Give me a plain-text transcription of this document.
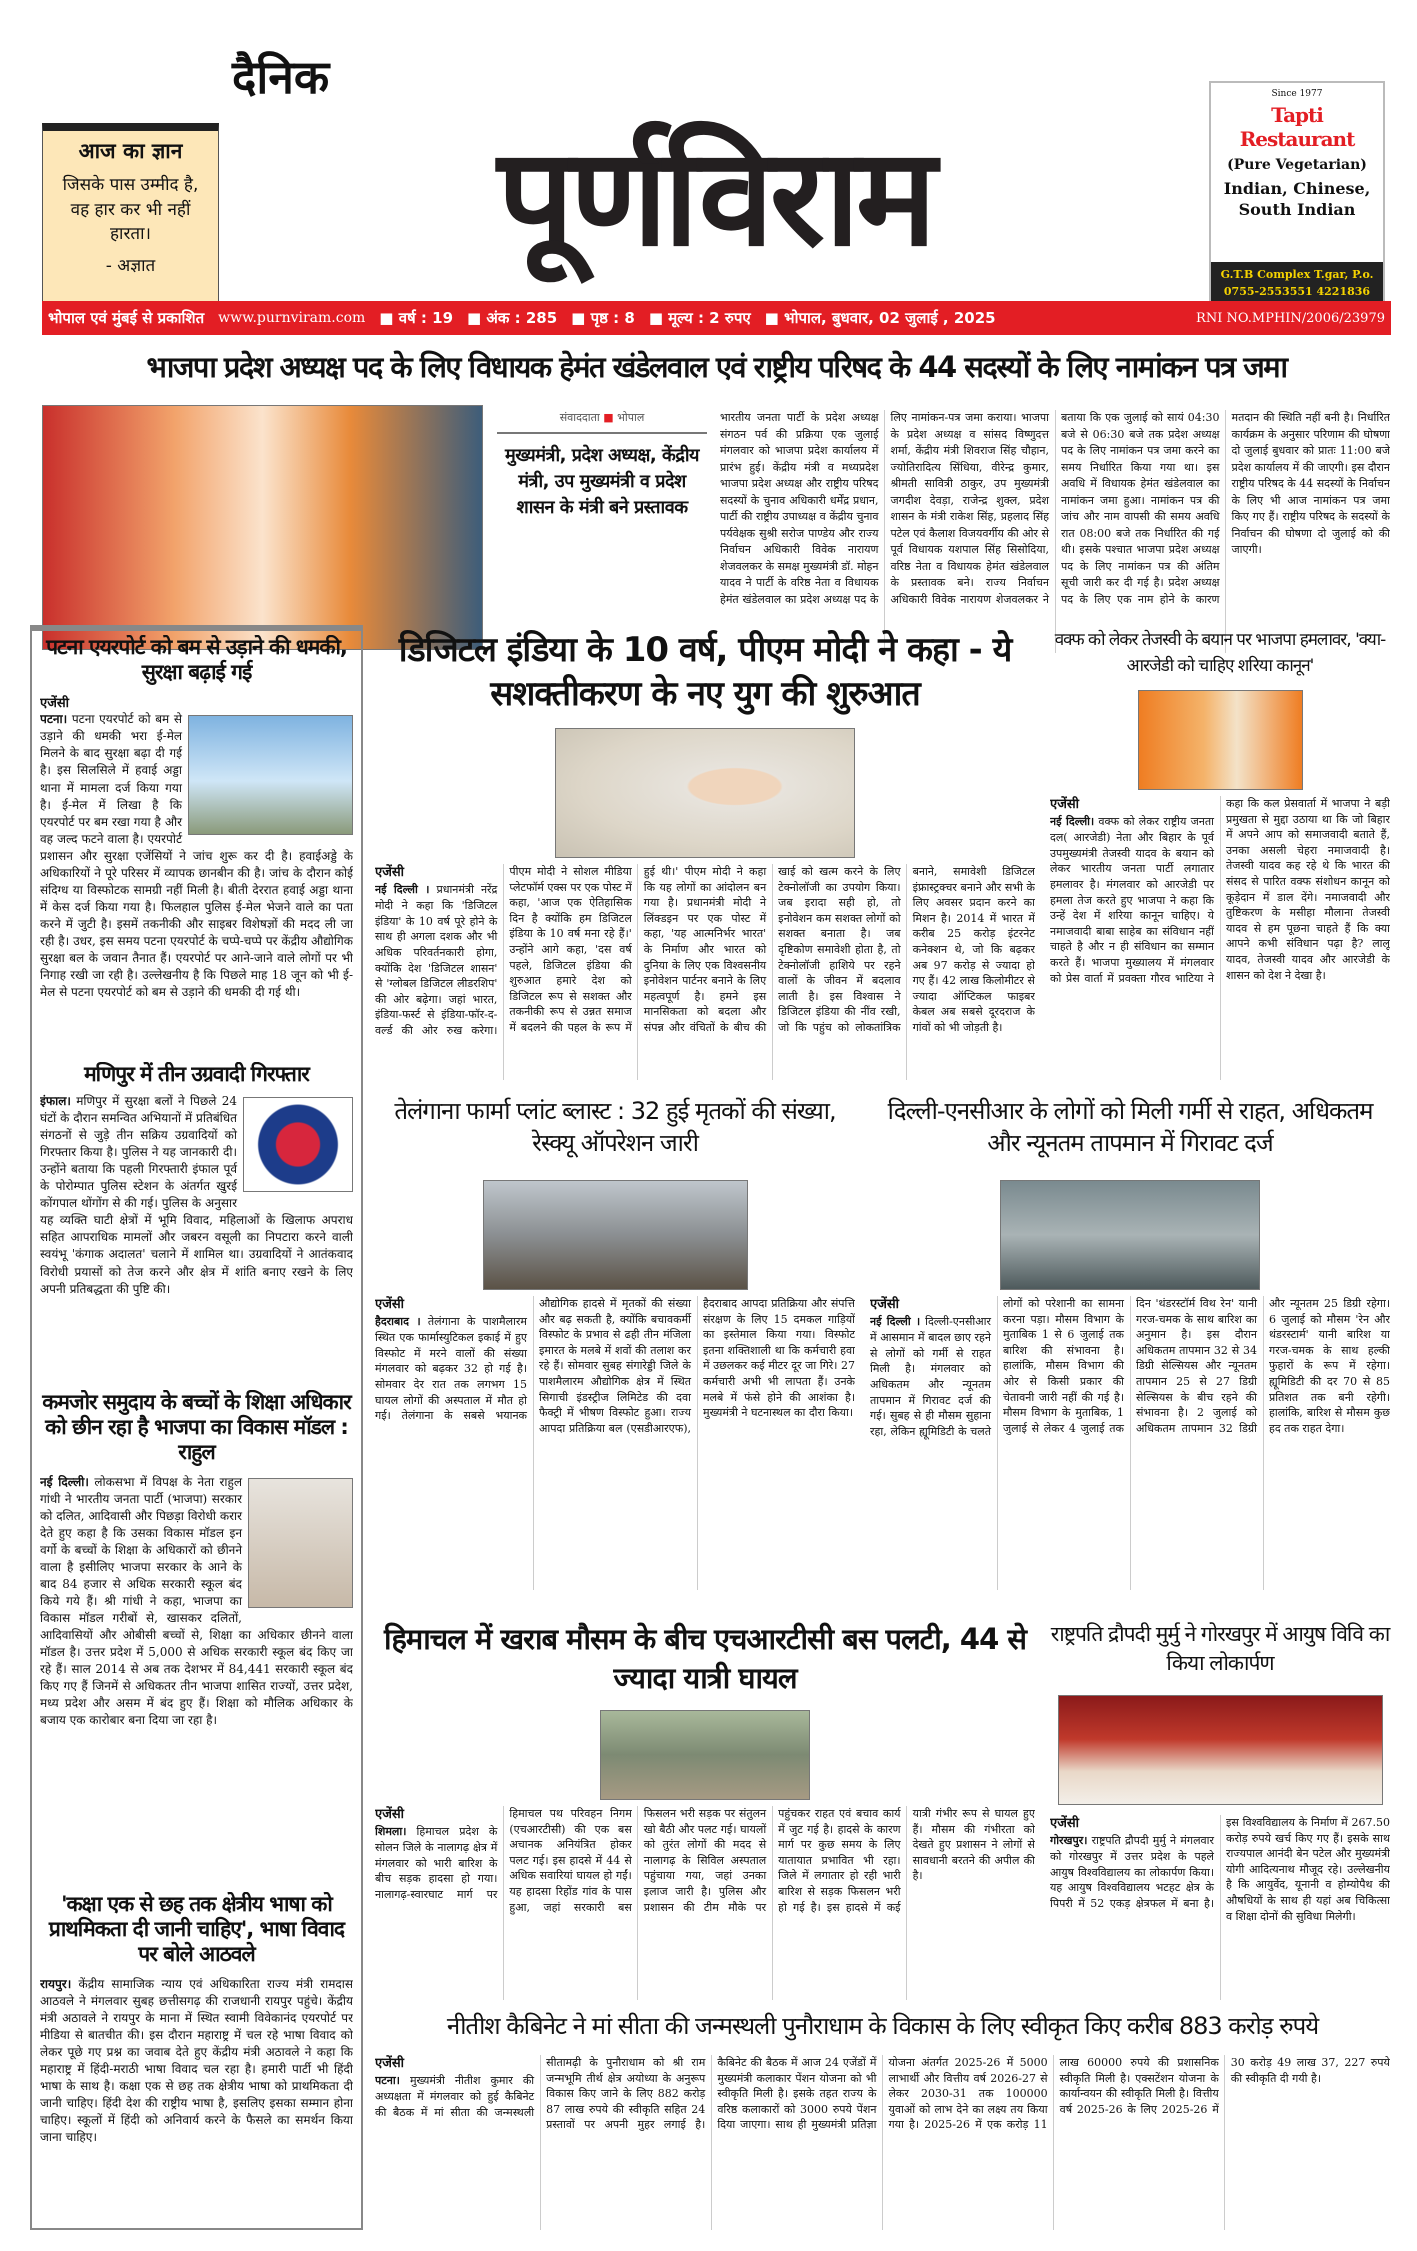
दैनिक
पूर्णविराम
आज का ज्ञान
जिसके पास उम्मीद है, वह हार कर भी नहीं हारता।
- अज्ञात
Since 1977
Tapti Restaurant
(Pure Vegetarian)
Indian, Chinese, South Indian
G.T.B Complex T.gar, P.o.
0755-2553551 4221836
भोपाल एवं मुंबई से प्रकाशित www.purnviram.com ■ वर्ष : 19 ■ अंक : 285 ■ पृष्ठ : 8 ■ मूल्य : 2 रुपए ■ भोपाल, बुधवार, 02 जुलाई , 2025	RNI NO.MPHIN/2006/23979
भाजपा प्रदेश अध्यक्ष पद के लिए विधायक हेमंत खंडेलवाल एवं राष्ट्रीय परिषद के 44 सदस्यों के लिए नामांकन पत्र जमा
संवाददाता ■ भोपाल
मुख्यमंत्री, प्रदेश अध्यक्ष, केंद्रीय मंत्री, उप मुख्यमंत्री व प्रदेश शासन के मंत्री बने प्रस्तावक
भारतीय जनता पार्टी के प्रदेश अध्यक्ष संगठन पर्व की प्रक्रिया एक जुलाई मंगलवार को भाजपा प्रदेश कार्यालय में प्रारंभ हुई। केंद्रीय मंत्री व मध्यप्रदेश भाजपा प्रदेश अध्यक्ष और राष्ट्रीय परिषद सदस्यों के चुनाव अधिकारी धर्मेंद्र प्रधान, पार्टी की राष्ट्रीय उपाध्यक्ष व केंद्रीय चुनाव पर्यवेक्षक सुश्री सरोज पाण्डेय और राज्य निर्वाचन अधिकारी विवेक नारायण शेजवलकर के समक्ष मुख्यमंत्री डॉ. मोहन यादव ने पार्टी के वरिष्ठ नेता व विधायक हेमंत खंडेलवाल का प्रदेश अध्यक्ष पद के लिए नामांकन-पत्र जमा कराया। भाजपा के प्रदेश अध्यक्ष व सांसद विष्णुदत्त शर्मा, केंद्रीय मंत्री शिवराज सिंह चौहान, ज्योतिरादित्य सिंधिया, वीरेन्द्र कुमार, श्रीमती सावित्री ठाकुर, उप मुख्यमंत्री जगदीश देवड़ा, राजेन्द्र शुक्ल, प्रदेश शासन के मंत्री राकेश सिंह, प्रहलाद सिंह पटेल एवं कैलाश विजयवर्गीय की ओर से पूर्व विधायक यशपाल सिंह सिसोदिया, वरिष्ठ नेता व विधायक हेमंत खंडेलवाल के प्रस्तावक बने। राज्य निर्वाचन अधिकारी विवेक नारायण शेजवलकर ने बताया कि एक जुलाई को सायं 04:30 बजे से 06:30 बजे तक प्रदेश अध्यक्ष पद के लिए नामांकन पत्र जमा करने का समय निर्धारित किया गया था। इस अवधि में विधायक हेमंत खंडेलवाल का नामांकन जमा हुआ। नामांकन पत्र की जांच और नाम वापसी की समय अवधि रात 08:00 बजे तक निर्धारित की गई थी। इसके पश्चात भाजपा प्रदेश अध्यक्ष पद के लिए नामांकन पत्र की अंतिम सूची जारी कर दी गई है। प्रदेश अध्यक्ष पद के लिए एक नाम होने के कारण मतदान की स्थिति नहीं बनी है। निर्धारित कार्यक्रम के अनुसार परिणाम की घोषणा दो जुलाई बुधवार को प्रातः 11:00 बजे प्रदेश कार्यालय में की जाएगी। इस दौरान राष्ट्रीय परिषद के 44 सदस्यों के निर्वाचन के लिए भी आज नामांकन पत्र जमा किए गए हैं। राष्ट्रीय परिषद के सदस्यों के निर्वाचन की घोषणा दो जुलाई को की जाएगी।
पटना एयरपोर्ट को बम से उड़ाने की धमकी, सुरक्षा बढ़ाई गई
एजेंसी
पटना। पटना एयरपोर्ट को बम से उड़ाने की धमकी भरा ई-मेल मिलने के बाद सुरक्षा बढ़ा दी गई है। इस सिलसिले में हवाई अड्डा थाना में मामला दर्ज किया गया है। ई-मेल में लिखा है कि एयरपोर्ट पर बम रखा गया है और वह जल्द फटने वाला है। एयरपोर्ट प्रशासन और सुरक्षा एजेंसियों ने जांच शुरू कर दी है। हवाईअड्डे के अधिकारियों ने पूरे परिसर में व्यापक छानबीन की है। जांच के दौरान कोई संदिग्ध या विस्फोटक सामग्री नहीं मिली है। बीती देररात हवाई अड्डा थाना में केस दर्ज किया गया है। फिलहाल पुलिस ई-मेल भेजने वाले का पता करने में जुटी है। इसमें तकनीकी और साइबर विशेषज्ञों की मदद ली जा रही है। उधर, इस समय पटना एयरपोर्ट के चप्पे-चप्पे पर केंद्रीय औद्योगिक सुरक्षा बल के जवान तैनात हैं। एयरपोर्ट पर आने-जाने वाले लोगों पर भी निगाह रखी जा रही है। उल्लेखनीय है कि पिछले माह 18 जून को भी ई-मेल से पटना एयरपोर्ट को बम से उड़ाने की धमकी दी गई थी।
मणिपुर में तीन उग्रवादी गिरफ्तार
इंफाल। मणिपुर में सुरक्षा बलों ने पिछले 24 घंटों के दौरान समन्वित अभियानों में प्रतिबंधित संगठनों से जुड़े तीन सक्रिय उग्रवादियों को गिरफ्तार किया है। पुलिस ने यह जानकारी दी। उन्होंने बताया कि पहली गिरफ्तारी इंफाल पूर्व के पोरोम्पात पुलिस स्टेशन के अंतर्गत खुरई कोंगपाल थोंगोंग से की गई। पुलिस के अनुसार यह व्यक्ति घाटी क्षेत्रों में भूमि विवाद, महिलाओं के खिलाफ अपराध सहित आपराधिक मामलों और जबरन वसूली का निपटारा करने वाली स्वयंभू 'कंगाक अदालत' चलाने में शामिल था। उग्रवादियों ने आतंकवाद विरोधी प्रयासों को तेज करने और क्षेत्र में शांति बनाए रखने के लिए अपनी प्रतिबद्धता की पुष्टि की।
कमजोर समुदाय के बच्चों के शिक्षा अधिकार को छीन रहा है भाजपा का विकास मॉडल : राहुल
नई दिल्ली। लोकसभा में विपक्ष के नेता राहुल गांधी ने भारतीय जनता पार्टी (भाजपा) सरकार को दलित, आदिवासी और पिछड़ा विरोधी करार देते हुए कहा है कि उसका विकास मॉडल इन वर्गो के बच्चों के शिक्षा के अधिकारों को छीनने वाला है इसीलिए भाजपा सरकार के आने के बाद 84 हजार से अधिक सरकारी स्कूल बंद किये गये हैं। श्री गांधी ने कहा, भाजपा का विकास मॉडल गरीबों से, खासकर दलितों, आदिवासियों और ओबीसी बच्चों से, शिक्षा का अधिकार छीनने वाला मॉडल है। उत्तर प्रदेश में 5,000 से अधिक सरकारी स्कूल बंद किए जा रहे हैं। साल 2014 से अब तक देशभर में 84,441 सरकारी स्कूल बंद किए गए हैं जिनमें से अधिकतर तीन भाजपा शासित राज्यों, उत्तर प्रदेश, मध्य प्रदेश और असम में बंद हुए हैं। शिक्षा को मौलिक अधिकार के बजाय एक कारोबार बना दिया जा रहा है।
'कक्षा एक से छह तक क्षेत्रीय भाषा को प्राथमिकता दी जानी चाहिए', भाषा विवाद पर बोले आठवले
रायपुर। केंद्रीय सामाजिक न्याय एवं अधिकारिता राज्य मंत्री रामदास आठवले ने मंगलवार सुबह छत्तीसगढ़ की राजधानी रायपुर पहुंचे। केंद्रीय मंत्री अठावले ने रायपुर के माना में स्थित स्वामी विवेकानंद एयरपोर्ट पर मीडिया से बातचीत की। इस दौरान महाराष्ट्र में चल रहे भाषा विवाद को लेकर पूछे गए प्रश्न का जवाब देते हुए केंद्रीय मंत्री अठावले ने कहा कि महाराष्ट्र में हिंदी-मराठी भाषा विवाद चल रहा है। हमारी पार्टी भी हिंदी भाषा के साथ है। कक्षा एक से छह तक क्षेत्रीय भाषा को प्राथमिकता दी जानी चाहिए। हिंदी देश की राष्ट्रीय भाषा है, इसलिए इसका सम्मान होना चाहिए। स्कूलों में हिंदी को अनिवार्य करने के फैसले का समर्थन किया जाना चाहिए।
डिजिटल इंडिया के 10 वर्ष, पीएम मोदी ने कहा - ये सशक्तीकरण के नए युग की शुरुआत
एजेंसी
नई दिल्ली । प्रधानमंत्री नरेंद्र मोदी ने कहा कि 'डिजिटल इंडिया' के 10 वर्ष पूरे होने के साथ ही अगला दशक और भी अधिक परिवर्तनकारी होगा, क्योंकि देश 'डिजिटल शासन' से 'ग्लोबल डिजिटल लीडरशिप' की ओर बढ़ेगा। जहां भारत, इंडिया-फर्स्ट से इंडिया-फॉर-द-वर्ल्ड की ओर रुख करेगा। पीएम मोदी ने सोशल मीडिया प्लेटफॉर्म एक्स पर एक पोस्ट में कहा, 'आज एक ऐतिहासिक दिन है क्योंकि हम डिजिटल इंडिया के 10 वर्ष मना रहे हैं।' उन्होंने आगे कहा, 'दस वर्ष पहले, डिजिटल इंडिया की शुरुआत हमारे देश को डिजिटल रूप से सशक्त और तकनीकी रूप से उन्नत समाज में बदलने की पहल के रूप में हुई थी।' पीएम मोदी ने कहा कि यह लोगों का आंदोलन बन गया है। प्रधानमंत्री मोदी ने लिंक्डइन पर एक पोस्ट में कहा, 'यह आत्मनिर्भर भारत' के निर्माण और भारत को दुनिया के लिए एक विश्वसनीय इनोवेशन पार्टनर बनाने के लिए महत्वपूर्ण है। हमने इस मानसिकता को बदला और संपन्न और वंचितों के बीच की खाई को खत्म करने के लिए टेक्नोलॉजी का उपयोग किया। जब इरादा सही हो, तो इनोवेशन कम सशक्त लोगों को सशक्त बनाता है। जब दृष्टिकोण समावेशी होता है, तो टेक्नोलॉजी हाशिये पर रहने वालों के जीवन में बदलाव लाती है। इस विश्वास ने डिजिटल इंडिया की नींव रखी, जो कि पहुंच को लोकतांत्रिक बनाने, समावेशी डिजिटल इंफ्रास्ट्रक्चर बनाने और सभी के लिए अवसर प्रदान करने का मिशन है। 2014 में भारत में करीब 25 करोड़ इंटरनेट कनेक्शन थे, जो कि बढ़कर अब 97 करोड़ से ज्यादा हो गए हैं। 42 लाख किलोमीटर से ज्यादा ऑप्टिकल फाइबर केबल अब सबसे दूरदराज के गांवों को भी जोड़ती है।
वक्फ को लेकर तेजस्वी के बयान पर भाजपा हमलावर, 'क्या- आरजेडी को चाहिए शरिया कानून'
एजेंसी
नई दिल्ली। वक्फ को लेकर राष्ट्रीय जनता दल( आरजेडी) नेता और बिहार के पूर्व उपमुख्यमंत्री तेजस्वी यादव के बयान को लेकर भारतीय जनता पार्टी लगातार हमलावर है। मंगलवार को आरजेडी पर हमला तेज करते हुए भाजपा ने कहा कि उन्हें देश में शरिया कानून चाहिए। ये नमाजवादी बाबा साहेब का संविधान नहीं चाहते है और न ही संविधान का सम्मान करते हैं। भाजपा मुख्यालय में मंगलवार को प्रेस वार्ता में प्रवक्ता गौरव भाटिया ने कहा कि कल प्रेसवार्ता में भाजपा ने बड़ी प्रमुखता से मुद्दा उठाया था कि जो बिहार में अपने आप को समाजवादी बताते हैं, उनका असली चेहरा नमाजवादी है। तेजस्वी यादव कह रहे थे कि भारत की संसद से पारित वक्फ संशोधन कानून को कूड़ेदान में डाल देंगे। नमाजवादी और तुष्टिकरण के मसीहा मौलाना तेजस्वी यादव से हम पूछना चाहते हैं कि क्या आपने कभी संविधान पढ़ा है? लालू यादव, तेजस्वी यादव और आरजेडी के शासन को देश ने देखा है।
तेलंगाना फार्मा प्लांट ब्लास्ट : 32 हुई मृतकों की संख्या, रेस्क्यू ऑपरेशन जारी
एजेंसी
हैदराबाद । तेलंगाना के पाशमैलारम स्थित एक फार्मास्युटिकल इकाई में हुए विस्फोट में मरने वालों की संख्या मंगलवार को बढ़कर 32 हो गई है। सोमवार देर रात तक लगभग 15 घायल लोगों की अस्पताल में मौत हो गई। तेलंगाना के सबसे भयानक औद्योगिक हादसे में मृतकों की संख्या और बढ़ सकती है, क्योंकि बचावकर्मी विस्फोट के प्रभाव से ढही तीन मंजिला इमारत के मलबे में शवों की तलाश कर रहे हैं। सोमवार सुबह संगारेड्डी जिले के पाशमैलारम औद्योगिक क्षेत्र में स्थित सिगाची इंडस्ट्रीज लिमिटेड की दवा फैक्ट्री में भीषण विस्फोट हुआ। राज्य आपदा प्रतिक्रिया बल (एसडीआरएफ), हैदराबाद आपदा प्रतिक्रिया और संपत्ति संरक्षण के लिए 15 दमकल गाड़ियों का इस्तेमाल किया गया। विस्फोट इतना शक्तिशाली था कि कर्मचारी हवा में उछलकर कई मीटर दूर जा गिरे। 27 कर्मचारी अभी भी लापता हैं। उनके मलबे में फंसे होने की आशंका है। मुख्यमंत्री ने घटनास्थल का दौरा किया।
दिल्ली-एनसीआर के लोगों को मिली गर्मी से राहत, अधिकतम और न्यूनतम तापमान में गिरावट दर्ज
एजेंसी
नई दिल्ली । दिल्ली-एनसीआर में आसमान में बादल छाए रहने से लोगों को गर्मी से राहत मिली है। मंगलवार को अधिकतम और न्यूनतम तापमान में गिरावट दर्ज की गई। सुबह से ही मौसम सुहाना रहा, लेकिन ह्यूमिडिटी के चलते लोगों को परेशानी का सामना करना पड़ा। मौसम विभाग के मुताबिक 1 से 6 जुलाई तक बारिश की संभावना है। हालांकि, मौसम विभाग की ओर से किसी प्रकार की चेतावनी जारी नहीं की गई है। मौसम विभाग के मुताबिक, 1 जुलाई से लेकर 4 जुलाई तक दिन 'थंडरस्टॉर्म विथ रेन' यानी गरज-चमक के साथ बारिश का अनुमान है। इस दौरान अधिकतम तापमान 32 से 34 डिग्री सेल्सियस और न्यूनतम तापमान 25 से 27 डिग्री सेल्सियस के बीच रहने की संभावना है। 2 जुलाई को अधिकतम तापमान 32 डिग्री और न्यूनतम 25 डिग्री रहेगा। 6 जुलाई को मौसम 'रेन और थंडरस्टार्म' यानी बारिश या गरज-चमक के साथ हल्की फुहारों के रूप में रहेगा। ह्यूमिडिटी की दर 70 से 85 प्रतिशत तक बनी रहेगी। हालांकि, बारिश से मौसम कुछ हद तक राहत देगा।
हिमाचल में खराब मौसम के बीच एचआरटीसी बस पलटी, 44 से ज्यादा यात्री घायल
एजेंसी
शिमला। हिमाचल प्रदेश के सोलन जिले के नालागढ़ क्षेत्र में मंगलवार को भारी बारिश के बीच सड़क हादसा हो गया। नालागढ़-स्वारघाट मार्ग पर हिमाचल पथ परिवहन निगम (एचआरटीसी) की एक बस अचानक अनियंत्रित होकर पलट गई। इस हादसे में 44 से अधिक सवारियां घायल हो गईं। यह हादसा रिहोंड गांव के पास हुआ, जहां सरकारी बस फिसलन भरी सड़क पर संतुलन खो बैठी और पलट गई। घायलों को तुरंत लोगों की मदद से नालागढ़ के सिविल अस्पताल पहुंचाया गया, जहां उनका इलाज जारी है। पुलिस और प्रशासन की टीम मौके पर पहुंचकर राहत एवं बचाव कार्य में जुट गई है। हादसे के कारण मार्ग पर कुछ समय के लिए यातायात प्रभावित भी रहा। जिले में लगातार हो रही भारी बारिश से सड़क फिसलन भरी हो गई है। इस हादसे में कई यात्री गंभीर रूप से घायल हुए हैं। मौसम की गंभीरता को देखते हुए प्रशासन ने लोगों से सावधानी बरतने की अपील की है।
राष्ट्रपति द्रौपदी मुर्मु ने गोरखपुर में आयुष विवि का किया लोकार्पण
एजेंसी
गोरखपुर। राष्ट्रपति द्रौपदी मुर्मु ने मंगलवार को गोरखपुर में उत्तर प्रदेश के पहले आयुष विश्वविद्यालय का लोकार्पण किया। यह आयुष विश्वविद्यालय भटहट क्षेत्र के पिपरी में 52 एकड़ क्षेत्रफल में बना है। इस विश्वविद्यालय के निर्माण में 267.50 करोड़ रुपये खर्च किए गए हैं। इसके साथ राज्यपाल आनंदी बेन पटेल और मुख्यमंत्री योगी आदित्यनाथ मौजूद रहे। उल्लेखनीय है कि आयुर्वेद, यूनानी व होम्योपैथ की औषधियों के साथ ही यहां अब चिकित्सा व शिक्षा दोनों की सुविधा मिलेगी।
नीतीश कैबिनेट ने मां सीता की जन्मस्थली पुनौराधाम के विकास के लिए स्वीकृत किए करीब 883 करोड़ रुपये
एजेंसी
पटना। मुख्यमंत्री नीतीश कुमार की अध्यक्षता में मंगलवार को हुई कैबिनेट की बैठक में मां सीता की जन्मस्थली सीतामढ़ी के पुनौराधाम को श्री राम जन्मभूमि तीर्थ क्षेत्र अयोध्या के अनुरूप विकास किए जाने के लिए 882 करोड़ 87 लाख रुपये की स्वीकृति सहित 24 प्रस्तावों पर अपनी मुहर लगाई है। कैबिनेट की बैठक में आज 24 एजेंडों में मुख्यमंत्री कलाकार पेंशन योजना को भी स्वीकृति मिली है। इसके तहत राज्य के वरिष्ठ कलाकारों को 3000 रुपये पेंशन दिया जाएगा। साथ ही मुख्यमंत्री प्रतिज्ञा योजना अंतर्गत 2025-26 में 5000 लाभार्थी और वित्तीय वर्ष 2026-27 से लेकर 2030-31 तक 100000 युवाओं को लाभ देने का लक्ष्य तय किया गया है। 2025-26 में एक करोड़ 11 लाख 60000 रुपये की प्रशासनिक स्वीकृति मिली है। एक्सटेंशन योजना के कार्यान्वयन की स्वीकृति मिली है। वित्तीय वर्ष 2025-26 के लिए 2025-26 में 30 करोड़ 49 लाख 37, 227 रुपये की स्वीकृति दी गयी है।
